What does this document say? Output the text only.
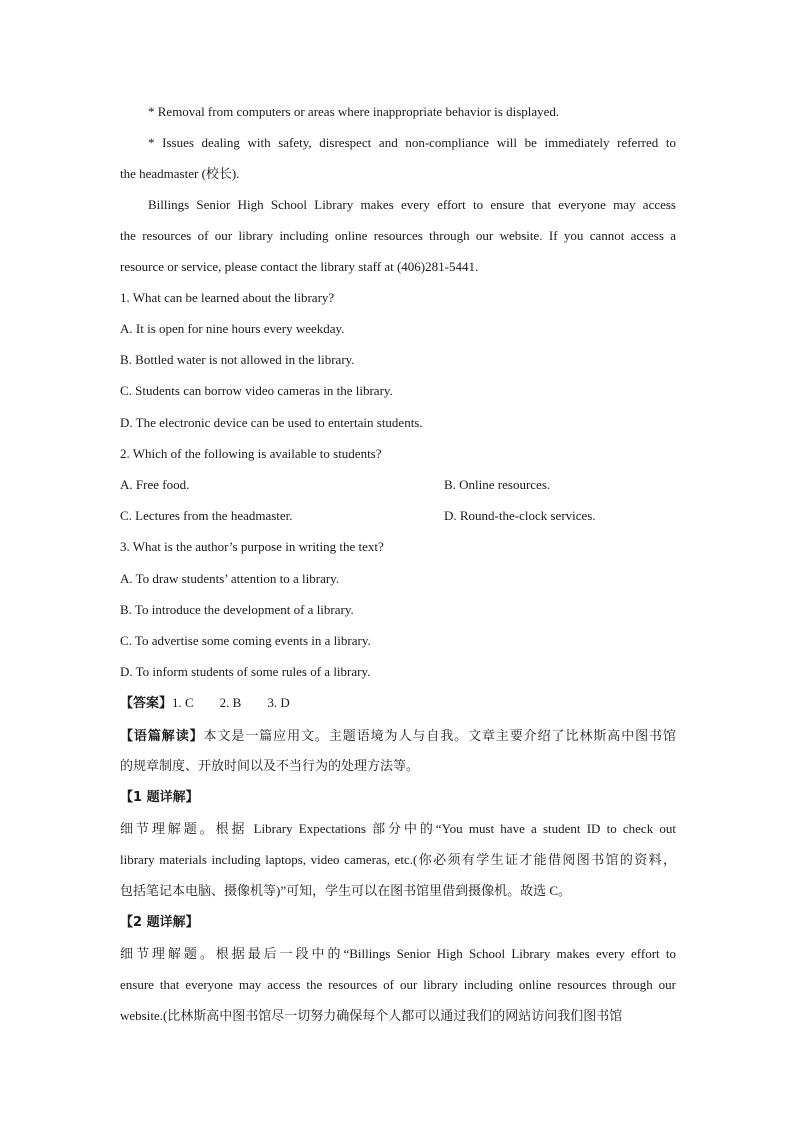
* Removal from computers or areas where inappropriate behavior is displayed.
* Issues dealing with safety, disrespect and non-compliance will be immediately referred to
the headmaster (校长).
Billings Senior High School Library makes every effort to ensure that everyone may access
the resources of our library including online resources through our website. If you cannot access a
resource or service, please contact the library staff at (406)281-5441.
1. What can be learned about the library?
A. It is open for nine hours every weekday.
B. Bottled water is not allowed in the library.
C. Students can borrow video cameras in the library.
D. The electronic device can be used to entertain students.
2. Which of the following is available to students?
A. Free food.	B. Online resources.
C. Lectures from the headmaster.	D. Round-the-clock services.
3. What is the author’s purpose in writing the text?
A. To draw students’ attention to a library.
B. To introduce the development of a library.
C. To advertise some coming events in a library.
D. To inform students of some rules of a library.
【答案】1. C        2. B        3. D
【语篇解读】本文是一篇应用文。主题语境为人与自我。文章主要介绍了比林斯高中图书馆
的规章制度、开放时间以及不当行为的处理方法等。
【1 题详解】
细节理解题。根据 Library Expectations 部分中的“You must have a student ID to check out
library materials including laptops, video cameras, etc.(你必须有学生证才能借阅图书馆的资料，
包括笔记本电脑、摄像机等)”可知，学生可以在图书馆里借到摄像机。故选 C。
【2 题详解】
细节理解题。根据最后一段中的“Billings Senior High School Library makes every effort to
ensure that everyone may access the resources of our library including online resources through our
website.(比林斯高中图书馆尽一切努力确保每个人都可以通过我们的网站访问我们图书馆
